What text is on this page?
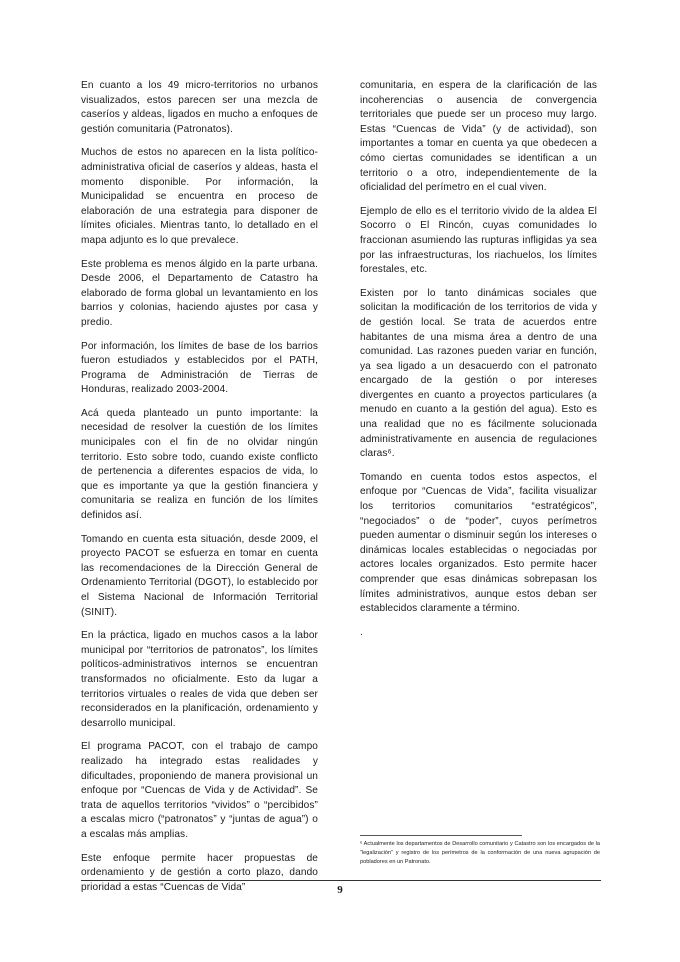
En cuanto a los 49 micro-territorios no urbanos visualizados, estos parecen ser una mezcla de caseríos y aldeas, ligados en mucho a enfoques de gestión comunitaria (Patronatos).

Muchos de estos no aparecen en la lista político-administrativa oficial de caseríos y aldeas, hasta el momento disponible. Por información, la Municipalidad se encuentra en proceso de elaboración de una estrategia para disponer de límites oficiales. Mientras tanto, lo detallado en el mapa adjunto es lo que prevalece.

Este problema es menos álgido en la parte urbana. Desde 2006, el Departamento de Catastro ha elaborado de forma global un levantamiento en los barrios y colonias, haciendo ajustes por casa y predio.

Por información, los límites de base de los barrios fueron estudiados y establecidos por el PATH, Programa de Administración de Tierras de Honduras, realizado 2003-2004.

Acá queda planteado un punto importante: la necesidad de resolver la cuestión de los límites municipales con el fin de no olvidar ningún territorio. Esto sobre todo, cuando existe conflicto de pertenencia a diferentes espacios de vida, lo que es importante ya que la gestión financiera y comunitaria se realiza en función de los límites definidos así.

Tomando en cuenta esta situación, desde 2009, el proyecto PACOT se esfuerza en tomar en cuenta las recomendaciones de la Dirección General de Ordenamiento Territorial (DGOT), lo establecido por el Sistema Nacional de Información Territorial (SINIT).

En la práctica, ligado en muchos casos a la labor municipal por “territorios de patronatos”, los límites políticos-administrativos internos se encuentran transformados no oficialmente. Esto da lugar a territorios virtuales o reales de vida que deben ser reconsiderados en la planificación, ordenamiento y desarrollo municipal.

El programa PACOT, con el trabajo de campo realizado ha integrado estas realidades y dificultades, proponiendo de manera provisional un enfoque por “Cuencas de Vida y de Actividad”. Se trata de aquellos territorios “vividos” o “percibidos” a escalas micro (“patronatos” y “juntas de agua”) o a escalas más amplias.

Este enfoque permite hacer propuestas de ordenamiento y de gestión a corto plazo, dando prioridad a estas “Cuencas de Vida”

comunitaria, en espera de la clarificación de las incoherencias o ausencia de convergencia territoriales que puede ser un proceso muy largo. Estas “Cuencas de Vida” (y de actividad), son importantes a tomar en cuenta ya que obedecen a cómo ciertas comunidades se identifican a un territorio o a otro, independientemente de la oficialidad del perímetro en el cual viven.

Ejemplo de ello es el territorio vivido de la aldea El Socorro o El Rincón, cuyas comunidades lo fraccionan asumiendo las rupturas infligidas ya sea por las infraestructuras, los riachuelos, los límites forestales, etc.

Existen por lo tanto dinámicas sociales que solicitan la modificación de los territorios de vida y de gestión local. Se trata de acuerdos entre habitantes de una misma área a dentro de una comunidad. Las razones pueden variar en función, ya sea ligado a un desacuerdo con el patronato encargado de la gestión o por intereses divergentes en cuanto a proyectos particulares (a menudo en cuanto a la gestión del agua). Esto es una realidad que no es fácilmente solucionada administrativamente en ausencia de regulaciones claras⁶.

Tomando en cuenta todos estos aspectos, el enfoque por “Cuencas de Vida”, facilita visualizar los territorios comunitarios “estratégicos”, “negociados” o de “poder”, cuyos perímetros pueden aumentar o disminuir según los intereses o dinámicas locales establecidas o negociadas por actores locales organizados. Esto permite hacer comprender que esas dinámicas sobrepasan los límites administrativos, aunque estos deban ser establecidos claramente a término.

.

⁶ Actualmente los departamentos de Desarrollo comunitario y Catastro son los encargados de la “legalización” y registro de los perímetros de la conformación de una nueva agrupación de pobladores en un Patronato.
9
